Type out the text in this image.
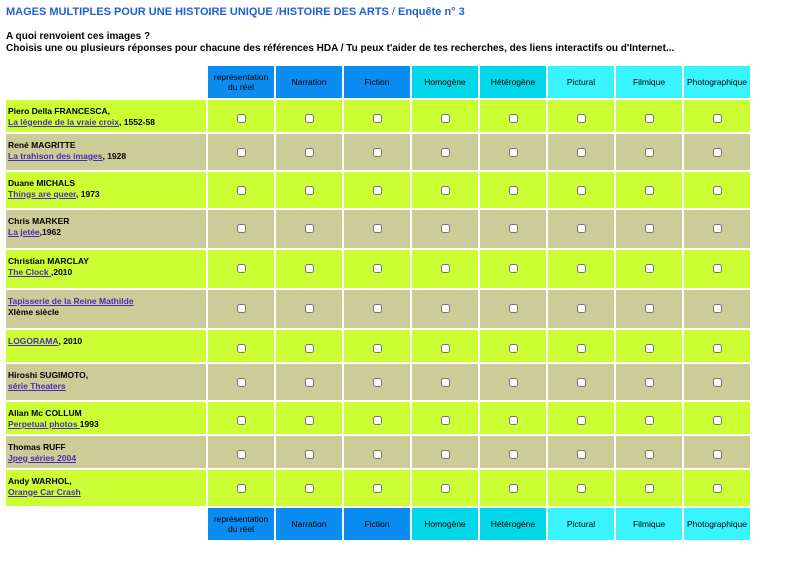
MAGES MULTIPLES POUR UNE HISTOIRE UNIQUE /HISTOIRE DES ARTS / Enquête n° 3
A quoi renvoient ces images ?
Choisis une ou plusieurs réponses pour chacune des références HDA / Tu peux t'aider de tes recherches, des liens interactifs ou d'Internet...
	représentation du réel	Narration	Fiction	Homogène	Hétérogène	Pictural	Filmique	Photographique

Piero Della FRANCESCA,
La légende de la vraie croix, 1552-58

René MAGRITTE
La trahison des images, 1928

Duane MICHALS
Things are queer, 1973

Chris MARKER
La jetée,1962

Christian MARCLAY
The Clock ,2010

Tapisserie de la Reine Mathilde
XIème siècle

LOGORAMA, 2010

Hiroshi SUGIMOTO,
série Theaters

Allan Mc COLLUM
Perpetual photos 1993

Thomas RUFF
Jpeg séries 2004

Andy WARHOL,
Orange Car Crash

	représentation du réel	Narration	Fiction	Homogène	Hétérogène	Pictural	Filmique	Photographique
